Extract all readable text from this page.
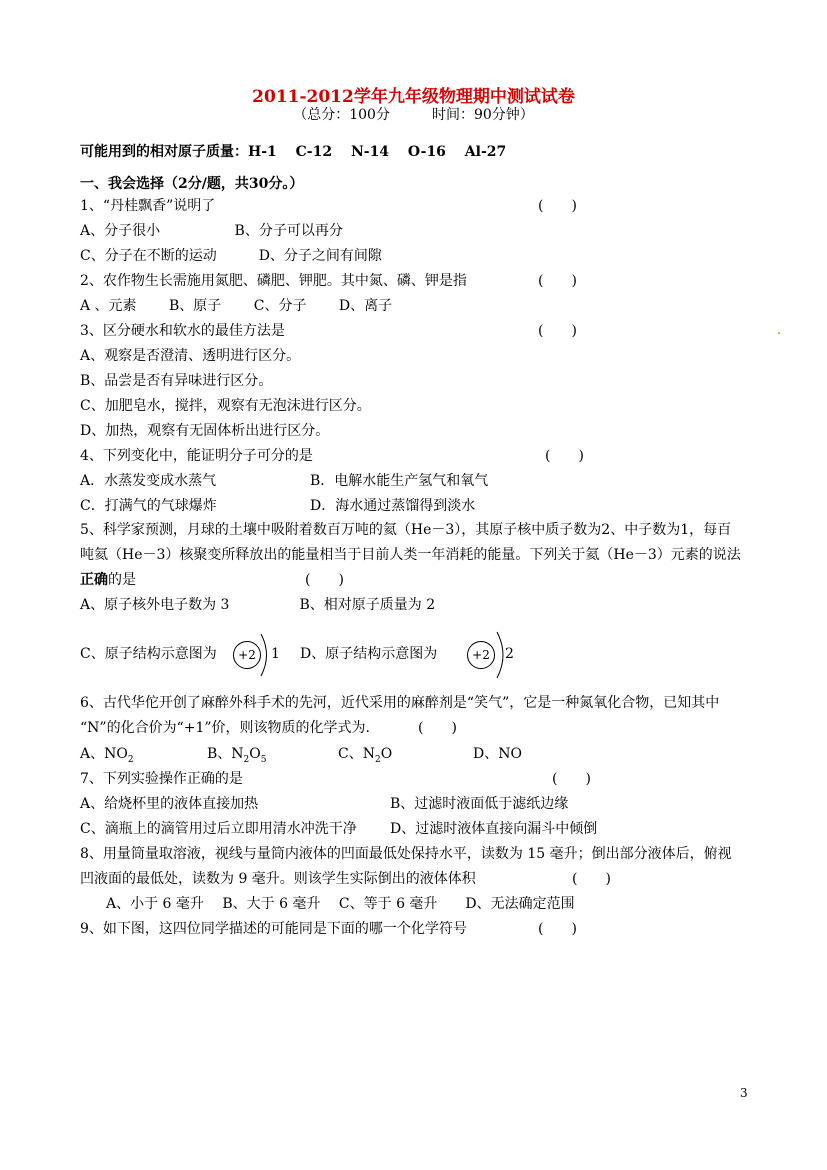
2011-2012学年九年级物理期中测试试卷
（总分：100分　　　时间：90分钟）
可能用到的相对原子质量：H-1　 C-12　 N-14　 O-16　 Al-27
一、我会选择（2分/题，共30分。）
1、“丹桂飘香”说明了	(　　)
A、分子很小　　　　　 B、分子可以再分
C、分子在不断的运动　　　D、分子之间有间隙
2、农作物生长需施用氮肥、磷肥、钾肥。其中氮、磷、钾是指	(　　)
A 、元素　　 B、原子　　 C、分子　　 D、离子
3、区分硬水和软水的最佳方法是	(　　)
A、观察是否澄清、透明进行区分。
B、品尝是否有异味进行区分。
C、加肥皂水，搅拌，观察有无泡沫进行区分。
D、加热，观察有无固体析出进行区分。
4、下列变化中，能证明分子可分的是	(　　)
A．水蒸发变成水蒸气	B．电解水能生产氢气和氧气
C．打满气的气球爆炸	D．海水通过蒸馏得到淡水
5、科学家预测，月球的土壤中吸附着数百万吨的氦（He－3），其原子核中质子数为2、中子数为1，每百
吨氦（He－3）核聚变所释放出的能量相当于目前人类一年消耗的能量。下列关于氦（He－3）元素的说法
正确的是	(　　)
A、原子核外电子数为 3　　　　　B、相对原子质量为 2
C、原子结构示意图为	+2	1 D、原子结构示意图为	+2	2
6、古代华佗开创了麻醉外科手术的先河，近代采用的麻醉剂是“笑气”，它是一种氮氧化合物，已知其中
“N”的化合价为“+1”价，则该物质的化学式为.	(　　)
A、$NO_2$	B、$N_2O_5$	C、$N_2O$	D、NO
7、下列实验操作正确的是	(　　)
A、给烧杯里的液体直接加热	B、过滤时液面低于滤纸边缘
C、滴瓶上的滴管用过后立即用清水冲洗干净 D、过滤时液体直接向漏斗中倾倒
8、用量筒量取溶液，视线与量筒内液体的凹面最低处保持水平，读数为 15 毫升；倒出部分液体后，俯视
凹液面的最低处，读数为 9 毫升。则该学生实际倒出的液体体积	(　　)
A、小于 6 毫升　 B、大于 6 毫升　 C、等于 6 毫升　　D、无法确定范围
9、如下图，这四位同学描述的可能同是下面的哪一个化学符号	(　　)
3
